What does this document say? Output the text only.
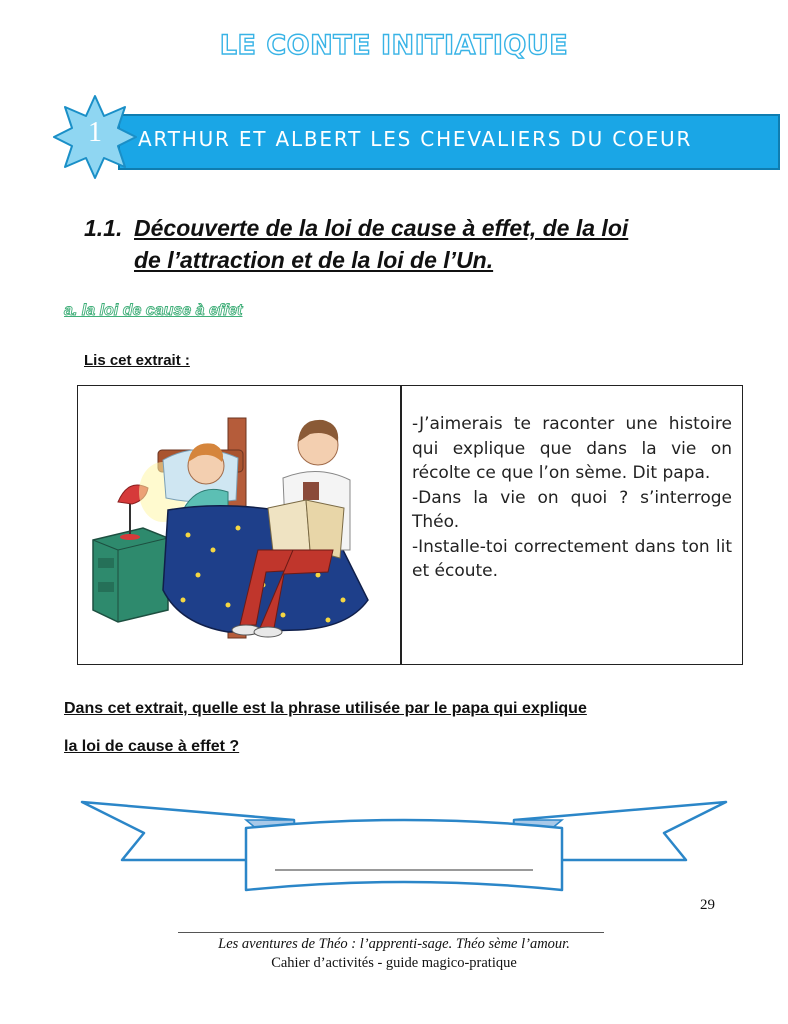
LE CONTE INITIATIQUE
1	ARTHUR ET ALBERT LES CHEVALIERS DU COEUR
1.1. Découverte de la loi de cause à effet, de la loi
de l’attraction et de la loi de l’Un.
a. la loi de cause à effet
Lis cet extrait :

-J’aimerais te raconter une histoire qui explique que dans la vie on récolte ce que l’on sème. Dit papa.

-Dans la vie on quoi ? s’interroge Théo.

-Installe-toi correctement dans ton lit et écoute.

Dans cet extrait, quelle est la phrase utilisée par le papa qui explique
la loi de cause à effet ?
29
Les aventures de Théo : l’apprenti-sage. Théo sème l’amour.
Cahier d’activités - guide magico-pratique
